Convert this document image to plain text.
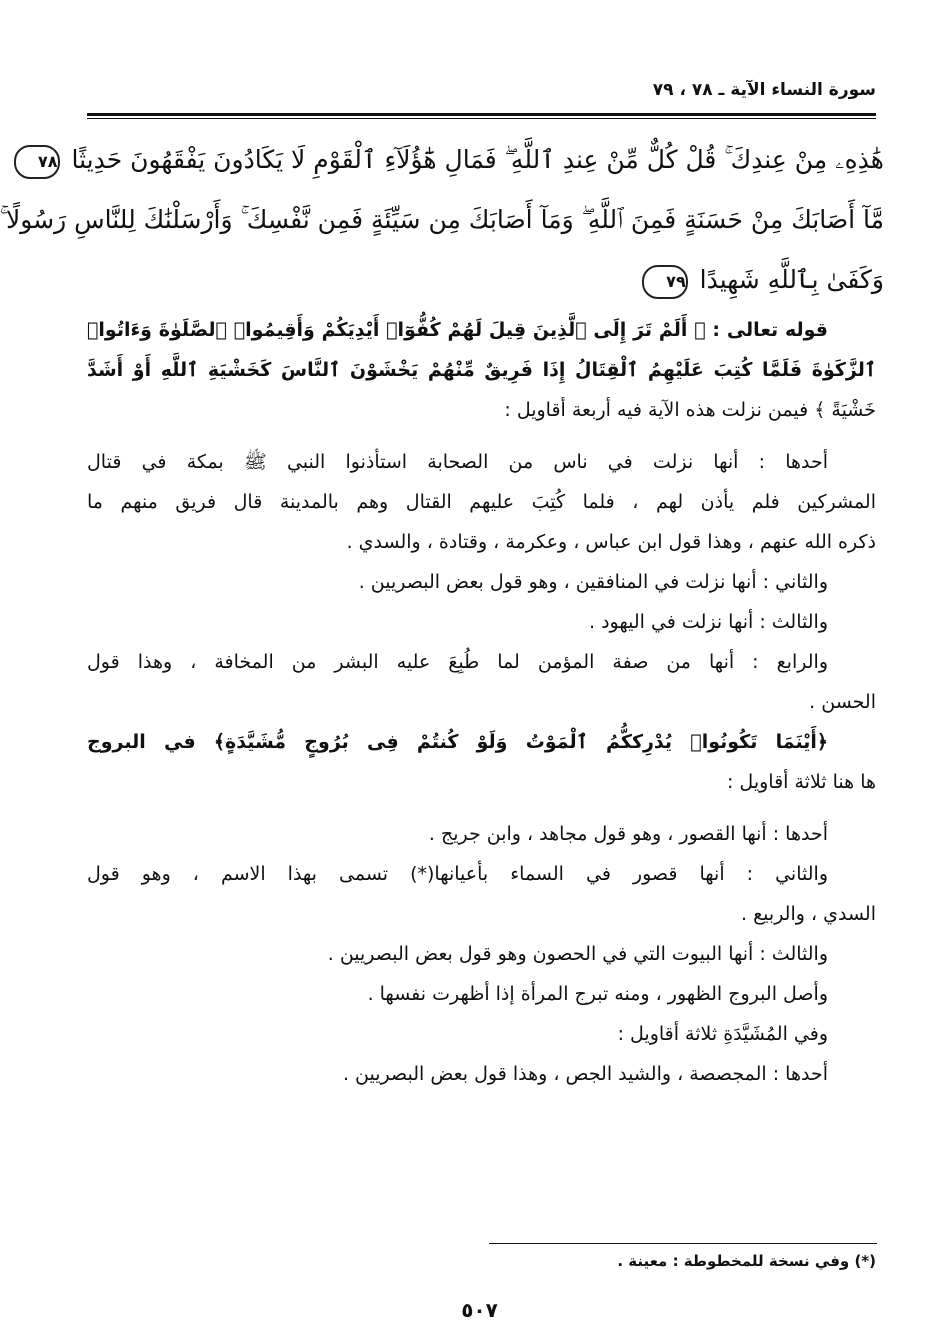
سورة النساء الآية ـ ٧٨ ، ٧٩
هَٰذِهِۦ مِنْ عِندِكَ ۚ قُلْ كُلٌّ مِّنْ عِندِ ٱللَّهِ ۖ فَمَالِ هَٰٓؤُلَآءِ ٱلْقَوْمِ لَا يَكَادُونَ يَفْقَهُونَ حَدِيثًا ٧٨
مَّآ أَصَابَكَ مِنْ حَسَنَةٍ فَمِنَ ٱللَّهِ ۖ وَمَآ أَصَابَكَ مِن سَيِّئَةٍ فَمِن نَّفْسِكَ ۚ وَأَرْسَلْنَٰكَ لِلنَّاسِ رَسُولًا ۚ
وَكَفَىٰ بِٱللَّهِ شَهِيدًا ٧٩
قوله تعالى : ﴿ أَلَمْ تَرَ إِلَى ٱلَّذِينَ قِيلَ لَهُمْ كُفُّوٓا۟ أَيْدِيَكُمْ وَأَقِيمُوا۟ ٱلصَّلَوٰةَ وَءَاتُوا۟
ٱلزَّكَوٰةَ فَلَمَّا كُتِبَ عَلَيْهِمُ ٱلْقِتَالُ إِذَا فَرِيقٌ مِّنْهُمْ يَخْشَوْنَ ٱلنَّاسَ كَخَشْيَةِ ٱللَّهِ أَوْ أَشَدَّ
خَشْيَةً ﴾ فيمن نزلت هذه الآية فيه أربعة أقاويل :
أحدها : أنها نزلت في ناس من الصحابة استأذنوا النبي ﷺ بمكة في قتال
المشركين فلم يأذن لهم ، فلما كُتِبَ عليهم القتال وهم بالمدينة قال فريق منهم ما
ذكره الله عنهم ، وهذا قول ابن عباس ، وعكرمة ، وقتادة ، والسدي .
والثاني : أنها نزلت في المنافقين ، وهو قول بعض البصريين .
والثالث : أنها نزلت في اليهود .
والرابع : أنها من صفة المؤمن لما طُبِعَ عليه البشر من المخافة ، وهذا قول
الحسن .
﴿أَيْنَمَا تَكُونُوا۟ يُدْرِككُّمُ ٱلْمَوْتُ وَلَوْ كُنتُمْ فِى بُرُوجٍ مُّشَيَّدَةٍ﴾ في البروج
ها هنا ثلاثة أقاويل :
أحدها : أنها القصور ، وهو قول مجاهد ، وابن جريج .
والثاني : أنها قصور في السماء بأعيانها(*) تسمى بهذا الاسم ، وهو قول
السدي ، والربيع .
والثالث : أنها البيوت التي في الحصون وهو قول بعض البصريين .
وأصل البروج الظهور ، ومنه تبرج المرأة إذا أظهرت نفسها .
وفي المُشَيَّدَةِ ثلاثة أقاويل :
أحدها : المجصصة ، والشيد الجص ، وهذا قول بعض البصريين .
(*) وفي نسخة للمخطوطة : معينة .
٥٠٧
